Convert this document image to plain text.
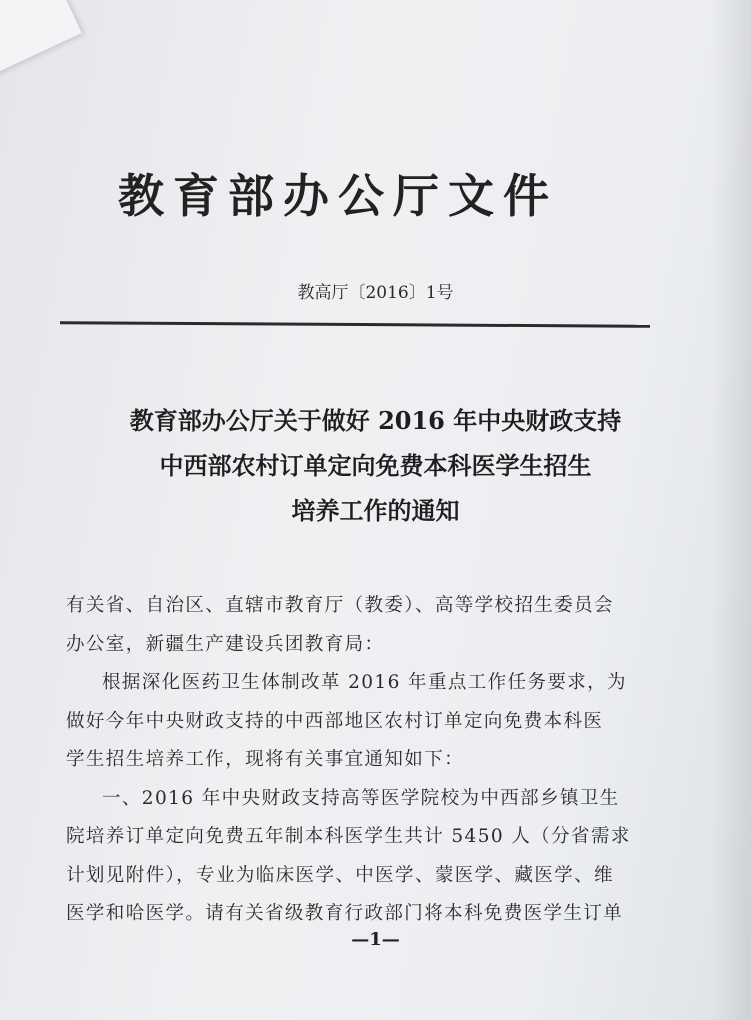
教育部办公厅文件
教高厅〔2016〕1号
教育部办公厅关于做好 2016 年中央财政支持
中西部农村订单定向免费本科医学生招生
培养工作的通知
有关省、自治区、直辖市教育厅（教委）、高等学校招生委员会
办公室，新疆生产建设兵团教育局：
根据深化医药卫生体制改革 2016 年重点工作任务要求，为
做好今年中央财政支持的中西部地区农村订单定向免费本科医
学生招生培养工作，现将有关事宜通知如下：
一、2016 年中央财政支持高等医学院校为中西部乡镇卫生
院培养订单定向免费五年制本科医学生共计 5450 人（分省需求
计划见附件），专业为临床医学、中医学、蒙医学、藏医学、维
医学和哈医学。请有关省级教育行政部门将本科免费医学生订单
—1—
